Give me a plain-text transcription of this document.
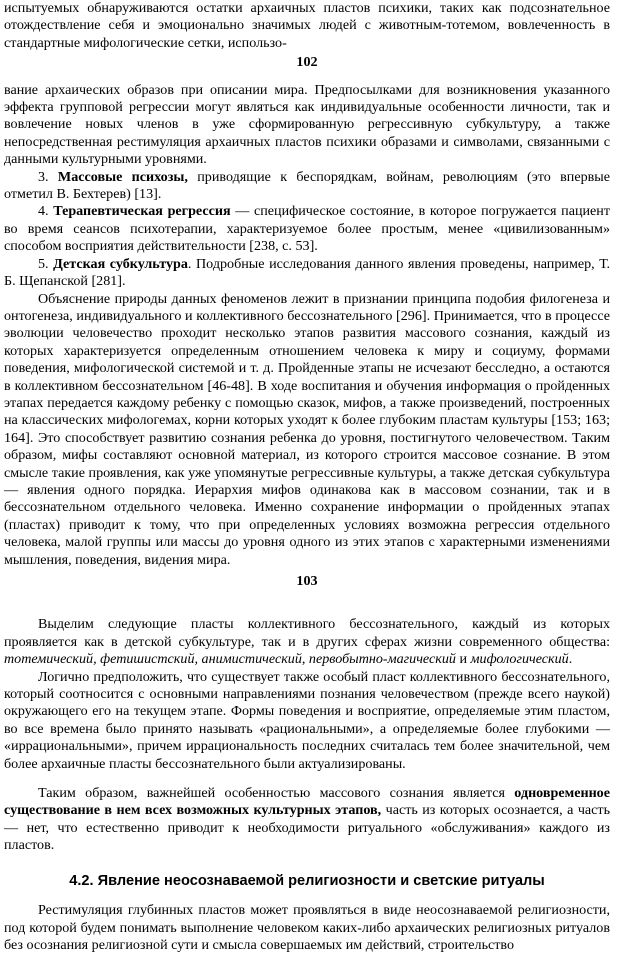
испытуемых обнаруживаются остатки архаичных пластов психики, таких как подсознательное отождествление себя и эмоционально значимых людей с животным-тотемом, вовлеченность в стандартные мифологические сетки, использо-

102

вание архаических образов при описании мира. Предпосылками для возникновения указанного эффекта групповой регрессии могут являться как индивидуальные особенности личности, так и вовлечение новых членов в уже сформированную регрессивную субкультуру, а также непосредственная рестимуляция архаичных пластов психики образами и символами, связанными с данными культурными уровнями.

3. Массовые психозы, приводящие к беспорядкам, войнам, революциям (это впервые отметил В. Бехтерев) [13].

4. Терапевтическая регрессия — специфическое состояние, в которое погружается пациент во время сеансов психотерапии, характеризуемое более простым, менее «цивилизованным» способом восприятия действительности [238, с. 53].

5. Детская субкультура. Подробные исследования данного явления проведены, например, Т. Б. Щепанской [281].

Объяснение природы данных феноменов лежит в признании принципа подобия филогенеза и онтогенеза, индивидуального и коллективного бессознательного [296]. Принимается, что в процессе эволюции человечество проходит несколько этапов развития массового сознания, каждый из которых характеризуется определенным отношением человека к миру и социуму, формами поведения, мифологической системой и т. д. Пройденные этапы не исчезают бесследно, а остаются в коллективном бессознательном [46-48]. В ходе воспитания и обучения информация о пройденных этапах передается каждому ребенку с помощью сказок, мифов, а также произведений, построенных на классических мифологемах, корни которых уходят к более глубоким пластам культуры [153; 163; 164]. Это способствует развитию сознания ребенка до уровня, постигнутого человечеством. Таким образом, мифы составляют основной материал, из которого строится массовое сознание. В этом смысле такие проявления, как уже упомянутые регрессивные культуры, а также детская субкультура — явления одного порядка. Иерархия мифов одинакова как в массовом сознании, так и в бессознательном отдельного человека. Именно сохранение информации о пройденных этапах (пластах) приводит к тому, что при определенных условиях возможна регрессия отдельного человека, малой группы или массы до уровня одного из этих этапов с характерными изменениями мышления, поведения, видения мира.

103

Выделим следующие пласты коллективного бессознательного, каждый из которых проявляется как в детской субкультуре, так и в других сферах жизни современного общества: тотемический, фетишистский, анимистический, первобытно-магический и мифологический.

Логично предположить, что существует также особый пласт коллективного бессознательного, который соотносится с основными направлениями познания человечеством (прежде всего наукой) окружающего его на текущем этапе. Формы поведения и восприятие, определяемые этим пластом, во все времена было принято называть «рациональными», а определяемые более глубокими — «иррациональными», причем иррациональность последних считалась тем более значительной, чем более архаичные пласты бессознательного были актуализированы.

Таким образом, важнейшей особенностью массового сознания является одновременное существование в нем всех возможных культурных этапов, часть из которых осознается, а часть — нет, что естественно приводит к необходимости ритуального «обслуживания» каждого из пластов.

4.2. Явление неосознаваемой религиозности и светские ритуалы

Рестимуляция глубинных пластов может проявляться в виде неосознаваемой религиозности, под которой будем понимать выполнение человеком каких-либо архаических религиозных ритуалов без осознания религиозной сути и смысла совершаемых им действий, строительство
